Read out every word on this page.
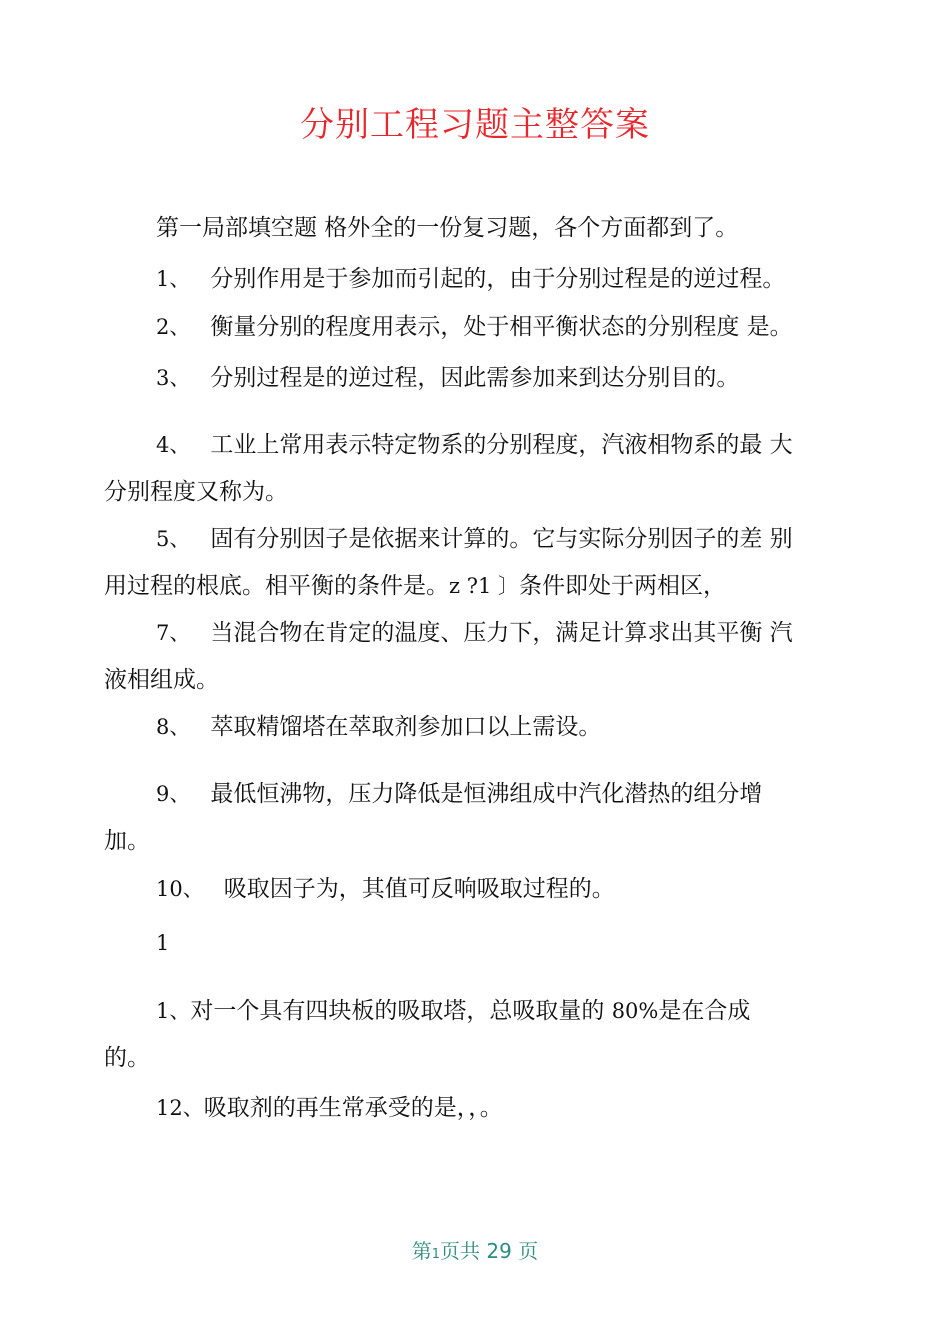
分别工程习题主整答案

第一局部填空题 格外全的一份复习题，各个方面都到了。

1、 分别作用是于参加而引起的，由于分别过程是的逆过程。

2、 衡量分别的程度用表示，处于相平衡状态的分别程度 是。

3、 分别过程是的逆过程，因此需参加来到达分别目的。

4、 工业上常用表示特定物系的分别程度，汽液相物系的最 大

分别程度又称为。

5、 固有分别因子是依据来计算的。它与实际分别因子的差 别

用过程的根底。相平衡的条件是。z ?1 〕条件即处于两相区，

7、 当混合物在肯定的温度、压力下，满足计算求出其平衡 汽

液相组成。

8、 萃取精馏塔在萃取剂参加口以上需设。

9、 最低恒沸物，压力降低是恒沸组成中汽化潜热的组分增

加。

10、 吸取因子为，其值可反响吸取过程的。

1

1、对一个具有四块板的吸取塔，总吸取量的 80%是在合成

的。

12、吸取剂的再生常承受的是，，。

第1页共 29 页
